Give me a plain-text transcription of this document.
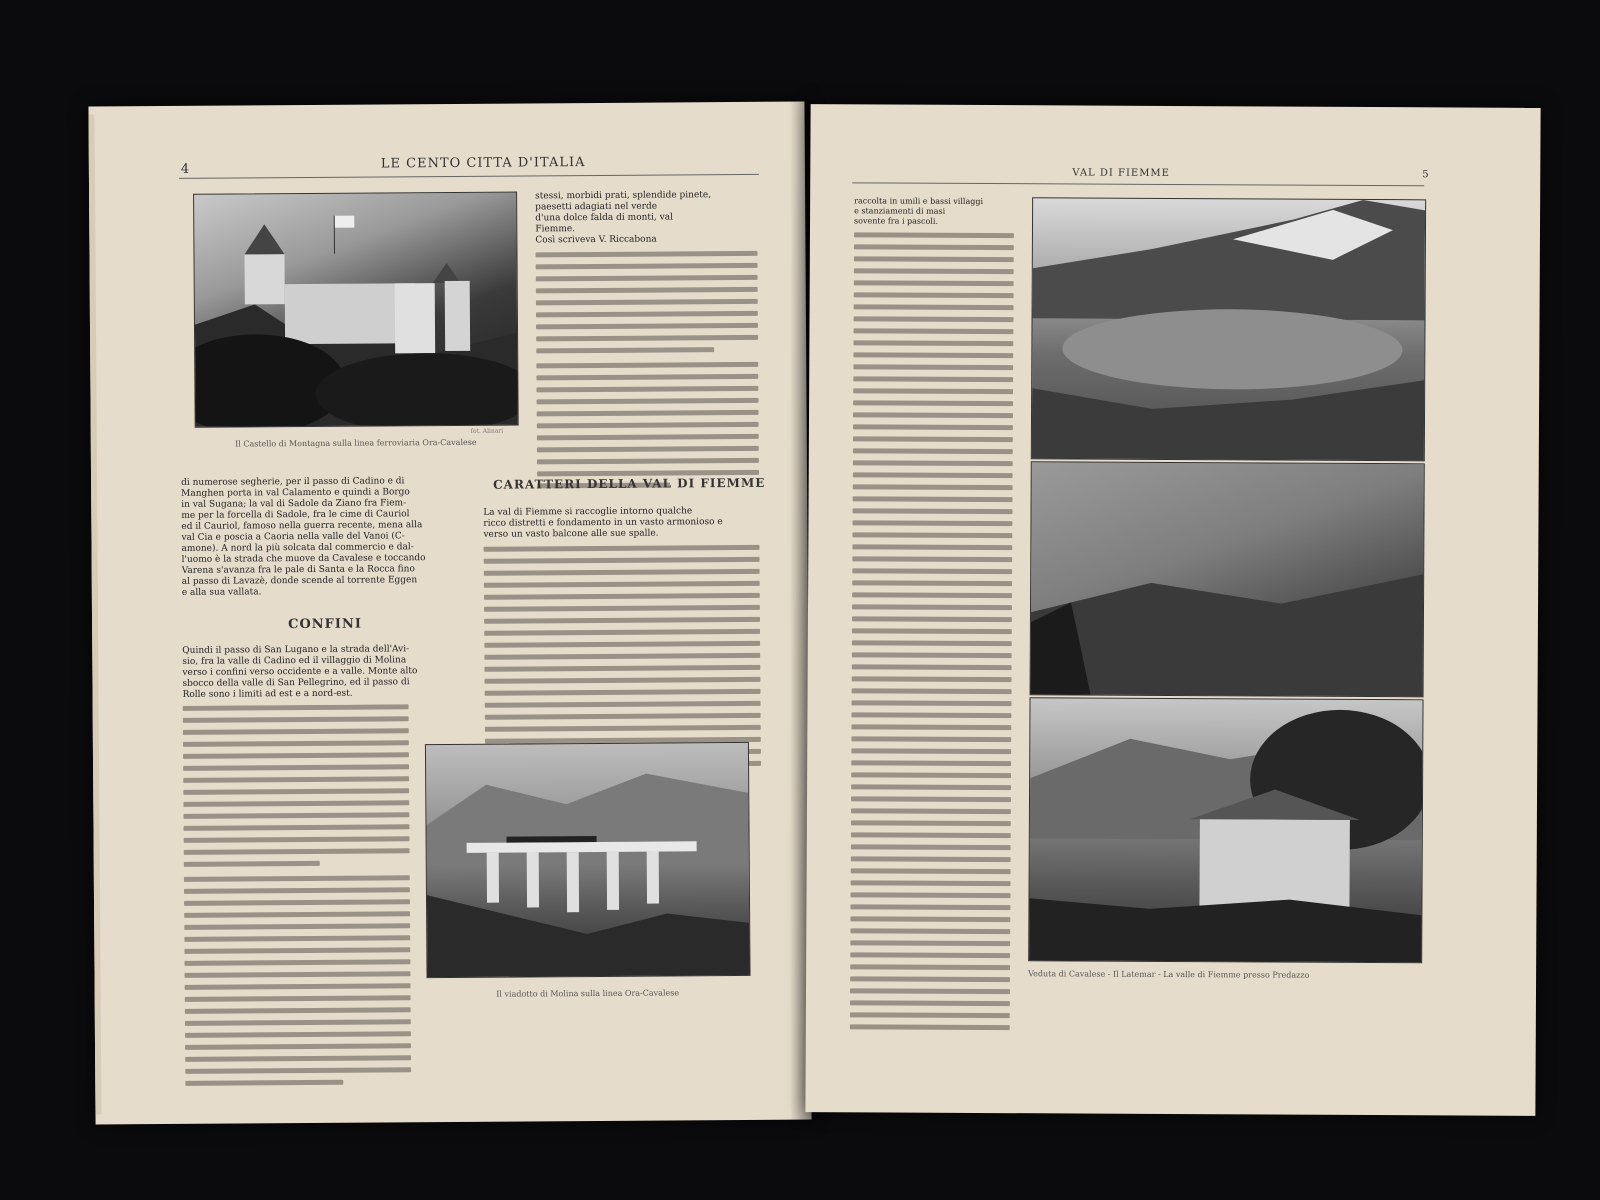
4	LE CENTO CITTA D'ITALIA
Il Castello di Montagna sulla linea ferroviaria Ora-Cavalese
fot. Alinari
stessi, morbidi prati, splendide pinete,
paesetti adagiati nel verde
d'una dolce falda di monti, val
Fiemme.
Così scriveva V. Riccabona
di numerose segherie, per il passo di Cadino e di
Manghen porta in val Calamento e quindi a Borgo
in val Sugana; la val di Sadole da Ziano fra Fiem-
me per la forcella di Sadole, fra le cime di Cauriol
ed il Cauriol, famoso nella guerra recente, mena alla
val Cia e poscia a Caoria nella valle del Vanoi (C-
amone). A nord la più solcata dal commercio e dal-
l'uomo è la strada che muove da Cavalese e toccando
Varena s'avanza fra le pale di Santa e la Rocca fino
al passo di Lavazè, donde scende al torrente Eggen
e alla sua vallata.
CONFINI
Quindi il passo di San Lugano e la strada dell'Avi-
sio, fra la valle di Cadino ed il villaggio di Molina
verso i confini verso occidente e a valle. Monte alto
sbocco della valle di San Pellegrino, ed il passo di
Rolle sono i limiti ad est e a nord-est.
CARATTERI DELLA VAL DI FIEMME
La val di Fiemme si raccoglie intorno qualche
ricco distretti e fondamento in un vasto armonioso e
verso un vasto balcone alle sue spalle.
Il viadotto di Molina sulla linea Ora-Cavalese
VAL DI FIEMME	5
raccolta in umili e bassi villaggi
e stanziamenti di masi
sovente fra i pascoli.
Veduta di Cavalese - Il Latemar - La valle di Fiemme presso Predazzo
